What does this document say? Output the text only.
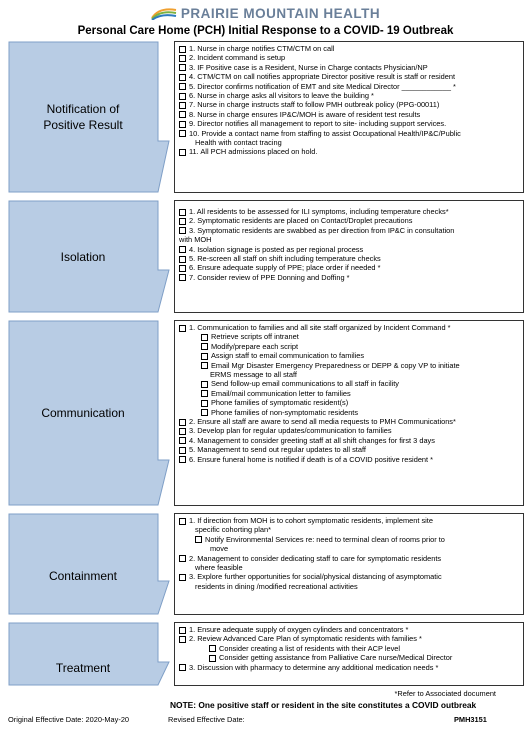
PRAIRIE MOUNTAIN HEALTH
Personal Care Home (PCH) Initial Response to a COVID- 19 Outbreak
Notification of
Positive Result
1. Nurse in charge notifies CTM/CTM on call
2. Incident command is setup
3. IF Positive case is a Resident, Nurse in Charge contacts Physician/NP
4. CTM/CTM on call notifies appropriate Director positive result is staff or resident
5. Director confirms notification of EMT and site Medical Director ____________ *
6. Nurse in charge asks all visitors to leave the building *
7. Nurse in charge instructs staff to follow PMH outbreak policy (PPG-00011)
8. Nurse in charge ensures IP&C/MOH is aware of resident test results
9. Director notifies all management to report to site- including support services.
10. Provide a contact name from staffing to assist Occupational Health/IP&C/Public
Health with contact tracing
11. All PCH admissions placed on hold.
Isolation
1. All residents to be assessed for ILI symptoms, including temperature checks*
2. Symptomatic residents are placed on Contact/Droplet precautions
3. Symptomatic residents are swabbed as per direction from IP&C in consultation
with MOH
4. Isolation signage is posted as per regional process
5. Re-screen all staff on shift including temperature checks
6. Ensure adequate supply of PPE; place order if needed *
7. Consider review of PPE Donning and Doffing *
Communication
1. Communication to families and all site staff organized by Incident Command *
Retrieve scripts off intranet
Modify/prepare each script
Assign staff to email communication to families
Email Mgr Disaster Emergency Preparedness or DEPP & copy VP to initiate
ERMS message to all staff
Send follow-up email communications to all staff in facility
Email/mail communication letter to families
Phone families of symptomatic resident(s)
Phone families of non-symptomatic residents
2. Ensure all staff are aware to send all media requests to PMH Communications*
3. Develop plan for regular updates/communication to families
4. Management to consider greeting staff at all shift changes for first 3 days
5. Management to send out regular updates to all staff
6. Ensure funeral home is notified if death is of a COVID positive resident *
Containment
1. If direction from MOH is to cohort symptomatic residents, implement site
specific cohorting plan*
Notify Environmental Services re: need to terminal clean of rooms prior to
move
2. Management to consider dedicating staff to care for symptomatic residents
where feasible
3. Explore further opportunities for social/physical distancing of asymptomatic
residents in dining /modified recreational activities
Treatment
1. Ensure adequate supply of oxygen cylinders and concentrators *
2. Review Advanced Care Plan of symptomatic residents with families *
Consider creating a list of residents with their ACP level
Consider getting assistance from Palliative Care nurse/Medical Director
3. Discussion with pharmacy to determine any additional medication needs *
*Refer to Associated document
NOTE: One positive staff or resident in the site constitutes a COVID outbreak
Original Effective Date: 2020-May-20	Revised Effective Date:	PMH3151
